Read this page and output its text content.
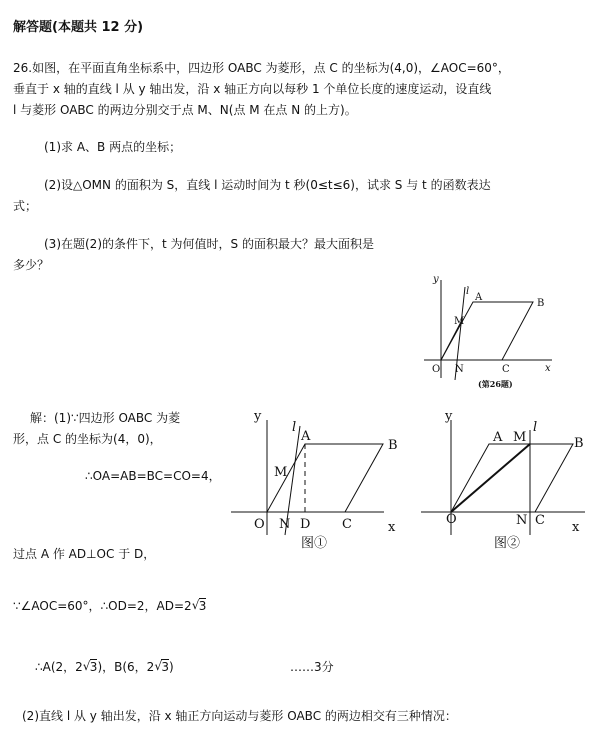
解答题(本题共 12 分)
26.如图，在平面直角坐标系中，四边形 OABC 为菱形，点 C 的坐标为(4,0)，∠AOC=60°，
垂直于 x 轴的直线 l 从 y 轴出发，沿 x 轴正方向以每秒 1 个单位长度的速度运动，设直线
l 与菱形 OABC 的两边分别交于点 M、N(点 M 在点 N 的上方)。
(1)求 A、B 两点的坐标；
(2)设△OMN 的面积为 S，直线 l 运动时间为 t 秒(0≤t≤6)，试求 S 与 t 的函数表达
式；
(3)在题(2)的条件下，t 为何值时，S 的面积最大？最大面积是
多少？
y
l
A
B
M
O N	C	x
(第26题)
y
l
A
B
M
O N D C	x
图①
y
l
A M	B
O	N C x
图②
解：(1)∵四边形 OABC 为菱
形，点 C 的坐标为(4，0)，
∴OA=AB=BC=CO=4，
过点 A 作 AD⊥OC 于 D，
∵∠AOC=60°，∴OD=2，AD=2 √ 3
∴A(2，2 √ 3)，B(6，2 √ 3)	……3分
(2)直线 l 从 y 轴出发，沿 x 轴正方向运动与菱形 OABC 的两边相交有三种情况：
